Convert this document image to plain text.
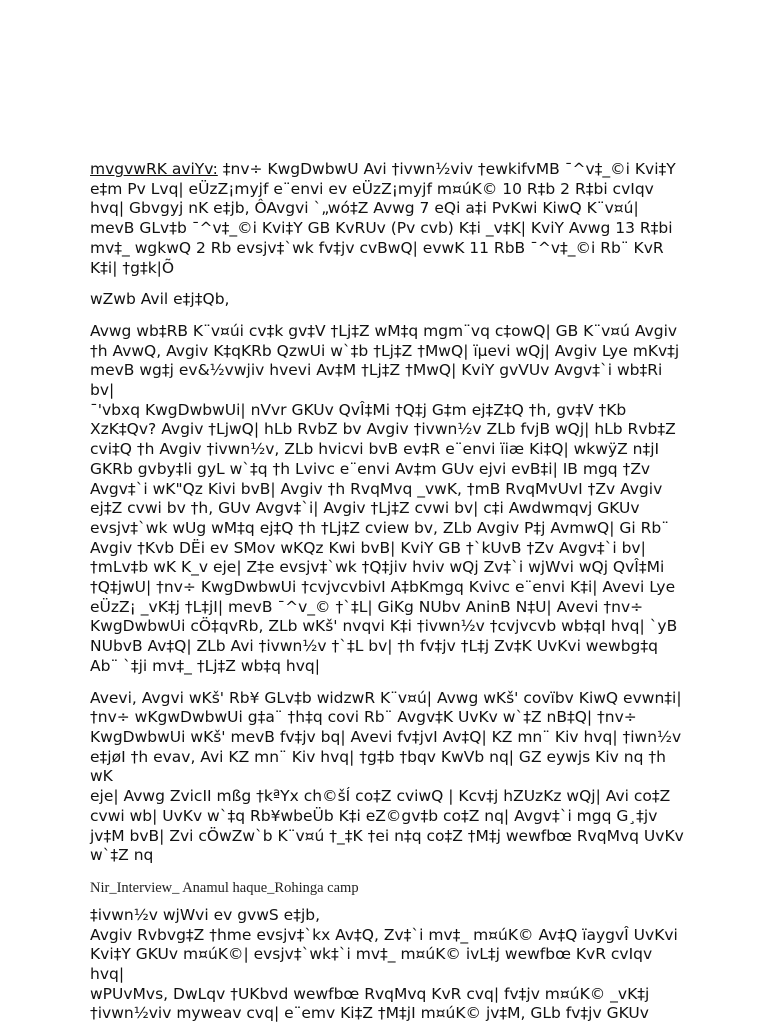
mvgvwRK aviYv: ‡nv÷ KwgDwbwU Avi †ivwn½viv †ewkifvMB ¯^v‡_©i Kvi‡Y
e‡m Pv Lvq| eÜzZ¡myjf e¨envi ev eÜzZ¡myjf m¤úK© 10 R‡b 2 R‡bi cvIqv
hvq| Gbvgyj nK e‡jb, ÔAvgvi `„wó‡Z Avwg 7 eQi a‡i PvKwi KiwQ K¨v¤ú|
mevB GLv‡b ¯^v‡_©i Kvi‡Y GB KvRUv (Pv cvb) K‡i _v‡K| KviY Avwg 13 R‡bi
mv‡_ wgkwQ 2 Rb evsjv‡`wk fv‡jv cvBwQ| evwK 11 RbB ¯^v‡_©i Rb¨ KvR
K‡i| †g‡k|Õ

wZwb Avil e‡j‡Qb,

Avwg wb‡RB K¨v¤úi cv‡k gv‡V †Lj‡Z wM‡q mgm¨vq c‡owQ| GB K¨v¤ú Avgiv
†h AvwQ, Avgiv K‡qKRb QzwUi w`‡b †Lj‡Z †MwQ| ïµevi wQj| Avgiv Lye mKv‡j
mevB wg‡j ev&½vwjiv hvevi Av‡M †Lj‡Z †MwQ| KviY gvVUv Avgv‡`i wb‡Ri bv|
¯'vbxq KwgDwbwUi| nVvr GKUv QvÎ‡Mi †Q‡j G‡m ej‡Z‡Q †h, gv‡V †Kb
XzK‡Qv? Avgiv †LjwQ| hLb RvbZ bv Avgiv †ivwn½v ZLb fvjB wQj| hLb Rvb‡Z
cvi‡Q †h Avgiv †ivwn½v, ZLb hvicvi bvB ev‡R e¨envi ïiæ Ki‡Q| wkwÿZ n‡jI
GKRb gvby‡li gyL w`‡q †h Lvivc e¨envi Av‡m GUv ejvi evB‡i| IB mgq †Zv
Avgv‡`i wK"Qz Kivi bvB| Avgiv †h RvqMvq _vwK, †mB RvqMvUvI †Zv Avgiv
ej‡Z cvwi bv †h, GUv Avgv‡`i| Avgiv †Lj‡Z cvwi bv| c‡i Awdwmqvj GKUv
evsjv‡`wk wUg wM‡q ej‡Q †h †Lj‡Z cview bv, ZLb Avgiv P‡j AvmwQ| Gi Rb¨
Avgiv †Kvb DËi ev SMov wKQz Kwi bvB| KviY GB †`kUvB †Zv Avgv‡`i bv|
†mLv‡b wK K_v eje| Z‡e evsjv‡`wk †Q‡jiv hviv wQj Zv‡`i wjWvi wQj QvÎ‡Mi
†Q‡jwU| †nv÷ KwgDwbwUi †cvjvcvbivI A‡bKmgq Kvivc e¨envi K‡i| Avevi Lye
eÜzZ¡ _vK‡j †L‡jI| mevB ¯^v_© †`‡L| GiKg NUbv AninB N‡U| Avevi †nv÷
KwgDwbwUi cÖ‡qvRb, ZLb wKš' nvqvi K‡i †ivwn½v †cvjvcvb wb‡qI hvq| `yB
NUbvB Av‡Q| ZLb Avi †ivwn½v †`‡L bv| †h fv‡jv †L‡j Zv‡K UvKvi wewbg‡q
Ab¨ `‡ji mv‡_ †Lj‡Z wb‡q hvq|

Avevi, Avgvi wKš' Rb¥ GLv‡b widzwR K¨v¤ú| Avwg wKš' covïbv KiwQ evwn‡i|
†nv÷ wKgwDwbwUi g‡a¨ †h‡q covi Rb¨ Avgv‡K UvKv w`‡Z nB‡Q| †nv÷
KwgDwbwUi wKš' mevB fv‡jv bq| Avevi fv‡jvI Av‡Q| KZ mn¨ Kiv hvq| †iwn½v
e‡jøI †h evav, Avi KZ mn¨ Kiv hvq| †g‡b †bqv KwVb nq| GZ eywjs Kiv nq †h wK
eje| Avwg ZvicII mßg †kªYx ch©šÍ co‡Z cviwQ | Kcv‡j hZUzKz wQj| Avi co‡Z
cvwi wb| UvKv w`‡q Rb¥wbeÜb K‡i eZ©gv‡b co‡Z nq| Avgv‡`i mgq G¸‡jv
jv‡M bvB| Zvi cÖwZw`b K¨v¤ú †_‡K †ei n‡q co‡Z †M‡j wewfbœ RvqMvq UvKv
w`‡Z nq

Nir_Interview_ Anamul haque_Rohinga camp

‡ivwn½v wjWvi ev gvwS e‡jb,
Avgiv Rvbvg‡Z †hme evsjv‡`kx Av‡Q, Zv‡`i mv‡_ m¤úK© Av‡Q ïaygvÎ UvKvi
Kvi‡Y GKUv m¤úK©| evsjv‡`wk‡`i mv‡_ m¤úK© ivL‡j wewfbœ KvR cvIqv hvq|
wPUvMvs, DwLqv †UKbvd wewfbœ RvqMvq KvR cvq| fv‡jv m¤úK© _vK‡j
†ivwn½viv myweav cvq| e¨emv Ki‡Z †M‡jI m¤úK© jv‡M, GLb fv‡jv GKUv
